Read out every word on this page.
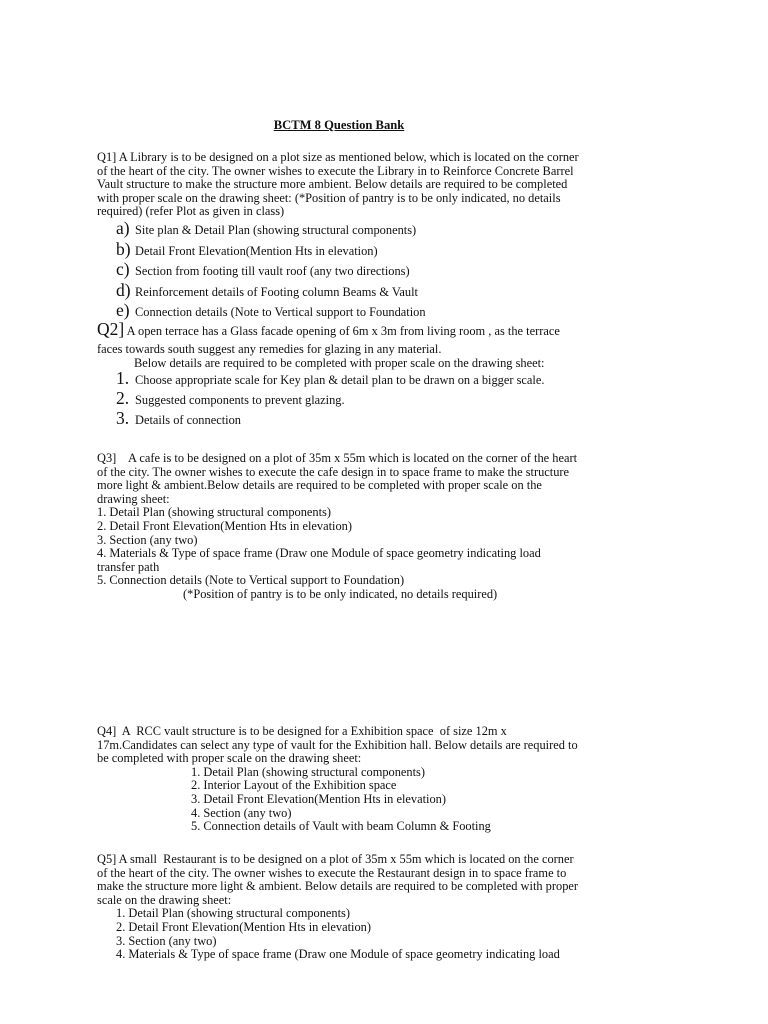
BCTM 8 Question Bank
Q1] A Library is to be designed on a plot size as mentioned below, which is located on the corner
of the heart of the city. The owner wishes to execute the Library in to Reinforce Concrete Barrel
Vault structure to make the structure more ambient. Below details are required to be completed
with proper scale on the drawing sheet: (*Position of pantry is to be only indicated, no details
required) (refer Plot as given in class)
a) Site plan & Detail Plan (showing structural components)
b) Detail Front Elevation(Mention Hts in elevation)
c) Section from footing till vault roof (any two directions)
d) Reinforcement details of Footing column Beams & Vault
e) Connection details (Note to Vertical support to Foundation
Q2] A open terrace has a Glass facade opening of 6m x 3m from living room , as the terrace
faces towards south suggest any remedies for glazing in any material.
Below details are required to be completed with proper scale on the drawing sheet:
1. Choose appropriate scale for Key plan & detail plan to be drawn on a bigger scale.
2. Suggested components to prevent glazing.
3. Details of connection
Q3]    A cafe is to be designed on a plot of 35m x 55m which is located on the corner of the heart
of the city. The owner wishes to execute the cafe design in to space frame to make the structure
more light & ambient.Below details are required to be completed with proper scale on the
drawing sheet:
1. Detail Plan (showing structural components)
2. Detail Front Elevation(Mention Hts in elevation)
3. Section (any two)
4. Materials & Type of space frame (Draw one Module of space geometry indicating load
transfer path
5. Connection details (Note to Vertical support to Foundation)
(*Position of pantry is to be only indicated, no details required)
Q4]  A  RCC vault structure is to be designed for a Exhibition space  of size 12m x
17m.Candidates can select any type of vault for the Exhibition hall. Below details are required to
be completed with proper scale on the drawing sheet:
1. Detail Plan (showing structural components)
2. Interior Layout of the Exhibition space
3. Detail Front Elevation(Mention Hts in elevation)
4. Section (any two)
5. Connection details of Vault with beam Column & Footing
Q5] A small  Restaurant is to be designed on a plot of 35m x 55m which is located on the corner
of the heart of the city. The owner wishes to execute the Restaurant design in to space frame to
make the structure more light & ambient. Below details are required to be completed with proper
scale on the drawing sheet:
1. Detail Plan (showing structural components)
2. Detail Front Elevation(Mention Hts in elevation)
3. Section (any two)
4. Materials & Type of space frame (Draw one Module of space geometry indicating load
